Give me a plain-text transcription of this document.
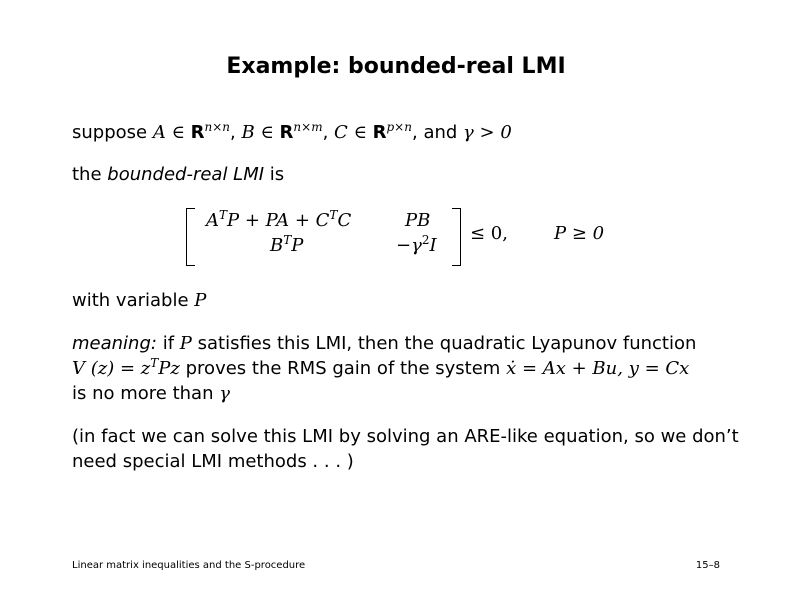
Example: bounded-real LMI
suppose A ∈ $R^{n\times n}$, B ∈ $R^{n\times m}$, C ∈ $R^{p\times n}$, and γ > 0
the bounded-real LMI is
$A^TP$ + PA + $C^TC$	PB
$B^TP$	$-\gamma^2I$
≤ 0,	P ≥ 0
with variable P
meaning: if P satisfies this LMI, then the quadratic Lyapunov function
V $(z) = z^TPz$ proves the RMS gain of the system ẋ = Ax + Bu, y = Cx
is no more than γ
(in fact we can solve this LMI by solving an ARE-like equation, so we don’t
need special LMI methods . . . )
Linear matrix inequalities and the S-procedure	15–8
